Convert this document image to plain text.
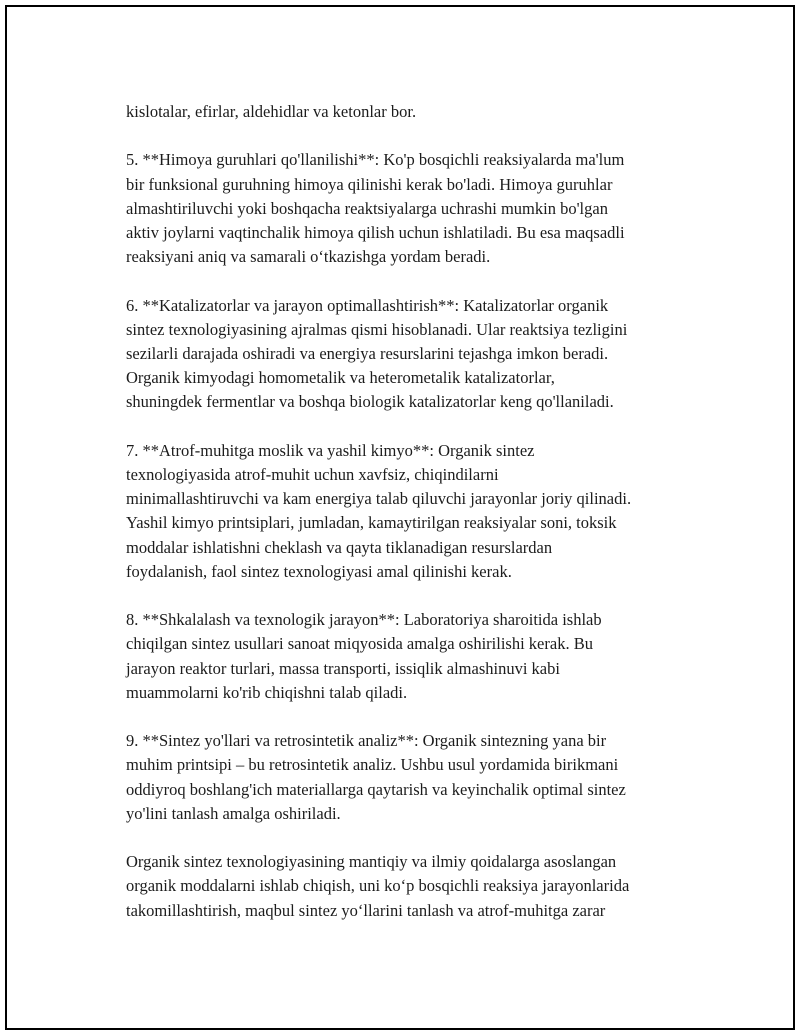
kislotalar, efirlar, aldehidlar va ketonlar bor.

5. **Himoya guruhlari qo'llanilishi**: Ko'p bosqichli reaksiyalarda ma'lum
bir funksional guruhning himoya qilinishi kerak bo'ladi. Himoya guruhlar
almashtiriluvchi yoki boshqacha reaktsiyalarga uchrashi mumkin bo'lgan
aktiv joylarni vaqtinchalik himoya qilish uchun ishlatiladi. Bu esa maqsadli
reaksiyani aniq va samarali o‘tkazishga yordam beradi.

6. **Katalizatorlar va jarayon optimallashtirish**: Katalizatorlar organik
sintez texnologiyasining ajralmas qismi hisoblanadi. Ular reaktsiya tezligini
sezilarli darajada oshiradi va energiya resurslarini tejashga imkon beradi.
Organik kimyodagi homometalik va heterometalik katalizatorlar,
shuningdek fermentlar va boshqa biologik katalizatorlar keng qo'llaniladi.

7. **Atrof-muhitga moslik va yashil kimyo**: Organik sintez
texnologiyasida atrof-muhit uchun xavfsiz, chiqindilarni
minimallashtiruvchi va kam energiya talab qiluvchi jarayonlar joriy qilinadi.
Yashil kimyo printsiplari, jumladan, kamaytirilgan reaksiyalar soni, toksik
moddalar ishlatishni cheklash va qayta tiklanadigan resurslardan
foydalanish, faol sintez texnologiyasi amal qilinishi kerak.

8. **Shkalalash va texnologik jarayon**: Laboratoriya sharoitida ishlab
chiqilgan sintez usullari sanoat miqyosida amalga oshirilishi kerak. Bu
jarayon reaktor turlari, massa transporti, issiqlik almashinuvi kabi
muammolarni ko'rib chiqishni talab qiladi.

9. **Sintez yo'llari va retrosintetik analiz**: Organik sintezning yana bir
muhim printsipi – bu retrosintetik analiz. Ushbu usul yordamida birikmani
oddiyroq boshlang'ich materiallarga qaytarish va keyinchalik optimal sintez
yo'lini tanlash amalga oshiriladi.

Organik sintez texnologiyasining mantiqiy va ilmiy qoidalarga asoslangan
organik moddalarni ishlab chiqish, uni ko‘p bosqichli reaksiya jarayonlarida
takomillashtirish, maqbul sintez yo‘llarini tanlash va atrof-muhitga zarar
